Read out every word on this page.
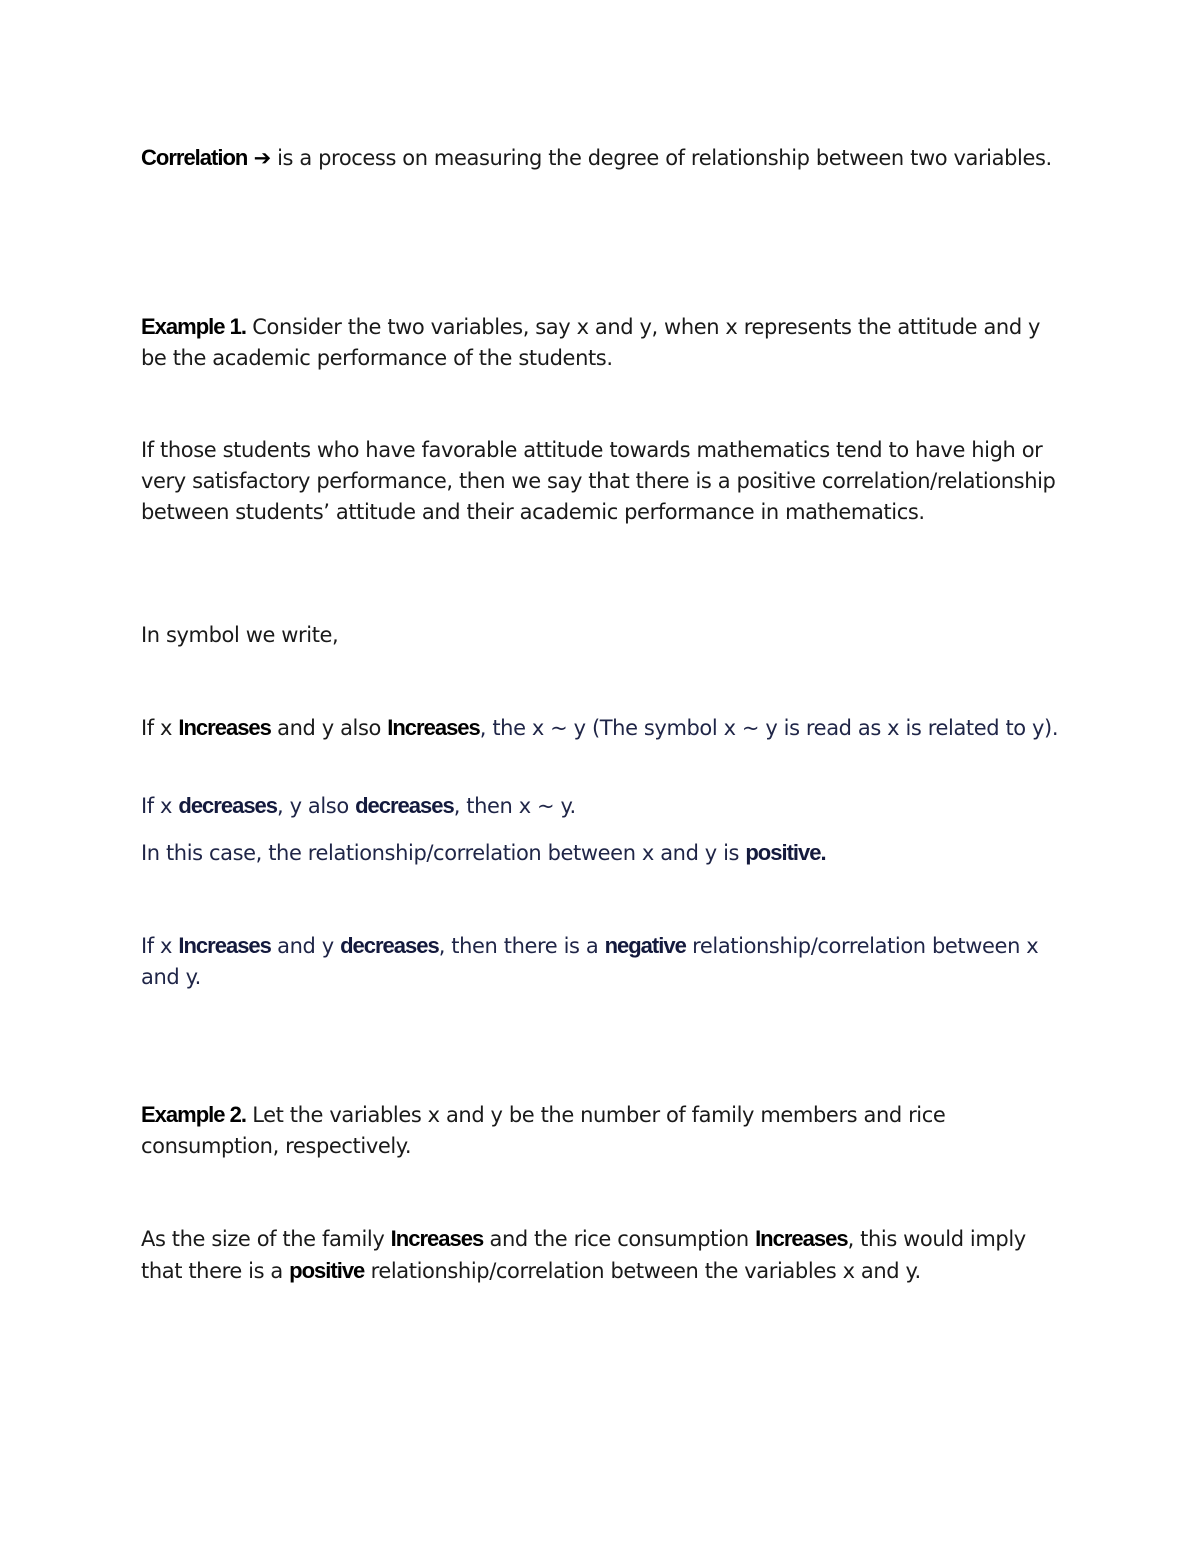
Correlation ➔ is a process on measuring the degree of relationship between two variables.

Example 1. Consider the two variables, say x and y, when x represents the attitude and y be the academic performance of the students.

If those students who have favorable attitude towards mathematics tend to have high or very satisfactory performance, then we say that there is a positive correlation/relationship between students’ attitude and their academic performance in mathematics.

In symbol we write,

If x Increases and y also Increases, the x ~ y (The symbol x ~ y is read as x is related to y).

If x decreases, y also decreases, then x ~ y.

In this case, the relationship/correlation between x and y is positive.

If x Increases and y decreases, then there is a negative relationship/correlation between x and y.

Example 2. Let the variables x and y be the number of family members and rice consumption, respectively.

As the size of the family Increases and the rice consumption Increases, this would imply that there is a positive relationship/correlation between the variables x and y.
